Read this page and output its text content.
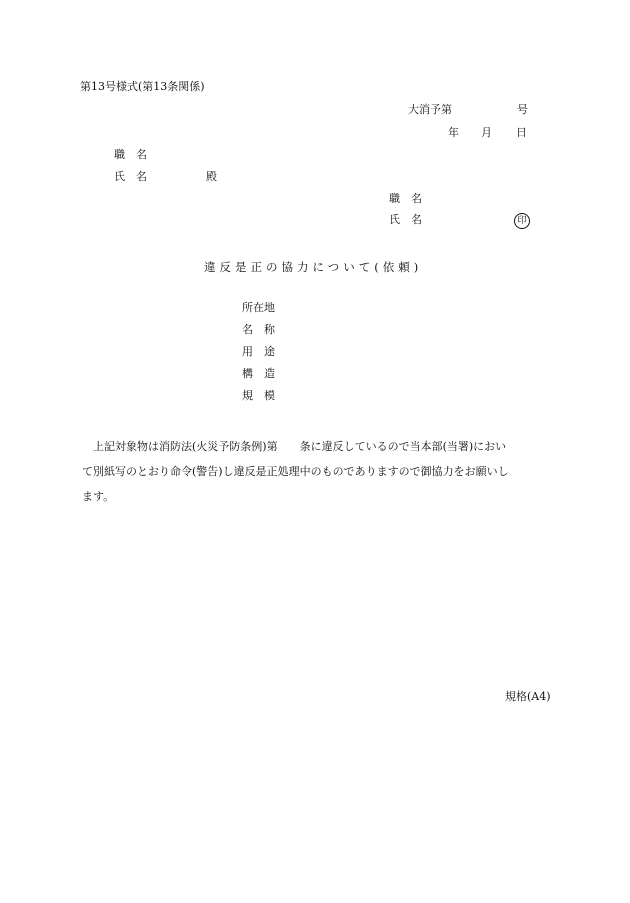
第13号様式(第13条関係)
大消予第	号
年 月 日
職　名
氏　名	殿
職　名
氏　名	印
違反是正の協力について(依頼)
所在地
名　称
用　途
構　造
規　模

　上記対象物は消防法(火災予防条例)第　　条に違反しているので当本部(当署)におい

て別紙写のとおり命令(警告)し違反是正処理中のものでありますので御協力をお願いし

ます。

規格(A4)
